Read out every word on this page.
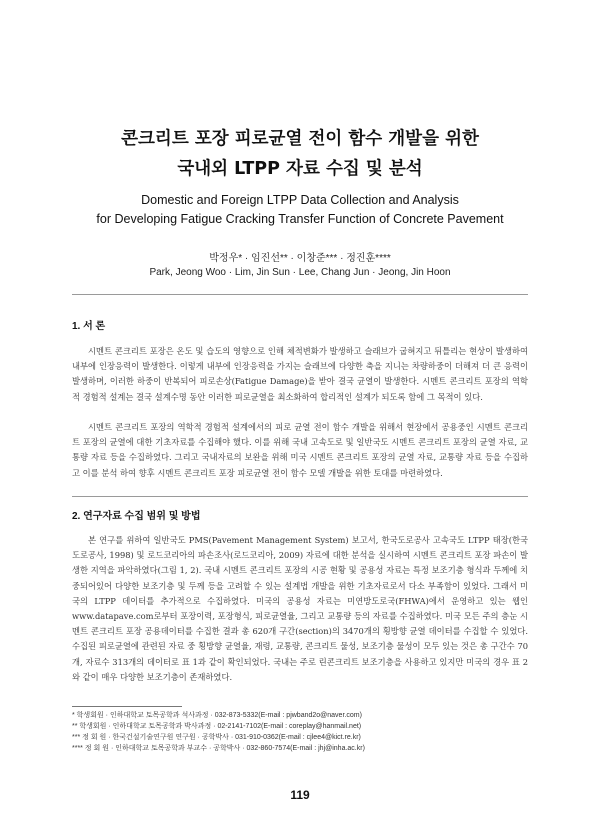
콘크리트 포장 피로균열 전이 함수 개발을 위한
국내외 LTPP 자료 수집 및 분석
Domestic and Foreign LTPP Data Collection and Analysis
for Developing Fatigue Cracking Transfer Function of Concrete Pavement
박정우* · 임진선** · 이창준*** · 정진훈****
Park, Jeong Woo · Lim, Jin Sun · Lee, Chang Jun · Jeong, Jin Hoon
1. 서 론

시멘트 콘크리트 포장은 온도 및 습도의 영향으로 인해 체적변화가 발생하고 슬래브가 굽혀지고 뒤틀리는 현상이 발생하여 내부에 인장응력이 발생한다. 이렇게 내부에 인장응력을 가지는 슬래브에 다양한 축을 지니는 차량하중이 더해져 더 큰 응력이 발생하며, 이러한 하중이 반복되어 피로손상(Fatigue Damage)을 받아 결국 균열이 발생한다. 시멘트 콘크리트 포장의 역학적 경험적 설계는 결국 설계수명 동안 이러한 피로균열을 최소화하여 합리적인 설계가 되도록 함에 그 목적이 있다.

시멘트 콘크리트 포장의 역학적 경험적 설계에서의 피로 균열 전이 함수 개발을 위해서 현장에서 공용중인 시멘트 콘크리트 포장의 균열에 대한 기초자료를 수집해야 했다. 이를 위해 국내 고속도로 및 일반국도 시멘트 콘크리트 포장의 균열 자료, 교통량 자료 등을 수집하였다. 그리고 국내자료의 보완을 위해 미국 시멘트 콘크리트 포장의 균열 자료, 교통량 자료 등을 수집하고 이를 분석 하여 향후 시멘트 콘크리트 포장 피로균열 전이 함수 모델 개발을 위한 토대를 마련하였다.

2. 연구자료 수집 범위 및 방법

본 연구를 위하여 일반국도 PMS(Pavement Management System) 보고서, 한국도로공사 고속국도 LTPP 태장(한국도로공사, 1998) 및 로드코리아의 파손조사(로드코리아, 2009) 자료에 대한 분석을 실시하여 시멘트 콘크리트 포장 파손이 발생한 지역을 파악하였다(그림 1, 2). 국내 시멘트 콘크리트 포장의 시공 현황 및 공용성 자료는 특정 보조기층 형식과 두께에 치중되어있어 다양한 보조기층 및 두께 등을 고려할 수 있는 설계법 개발을 위한 기초자료로서 다소 부족함이 있었다. 그래서 미국의 LTPP 데이터를 추가적으로 수집하였다. 미국의 공용성 자료는 미연방도로국(FHWA)에서 운영하고 있는 웹인 www.datapave.com로부터 포장이력, 포장형식, 피로균열율, 그리고 교통량 등의 자료를 수집하였다. 미국 모든 주의 층눈 시멘트 콘크리트 포장 공용데이터를 수집한 결과 총 620개 구간(section)의 3470개의 횡방향 균열 데이터를 수집할 수 있었다. 수집된 피로균열에 관련된 자료 중 횡방향 균열율, 재령, 교통량, 콘크리트 물성, 보조기층 물성이 모두 있는 것은 총 구간수 70개, 자료수 313개의 데이터로 표 1과 같이 확인되었다. 국내는 주로 린콘크리트 보조기층을 사용하고 있지만 미국의 경우 표 2와 같이 매우 다양한 보조기층이 존재하였다.

* 학생회원 · 인하대학교 토목공학과 석사과정 · 032-873-5332(E-mail : pjwband2o@naver.com)
** 학생회원 · 인하대학교 토목공학과 박사과정 · 02-2141-7102(E-mail : coreplay@hanmail.net)
*** 정 회 원 · 한국건설기술연구원 연구원 · 공학박사 · 031-910-0362(E-mail : cjlee4@kict.re.kr)
**** 정 회 원 · 인하대학교 토목공학과 부교수 · 공학박사 · 032-860-7574(E-mail : jhj@inha.ac.kr)
119
